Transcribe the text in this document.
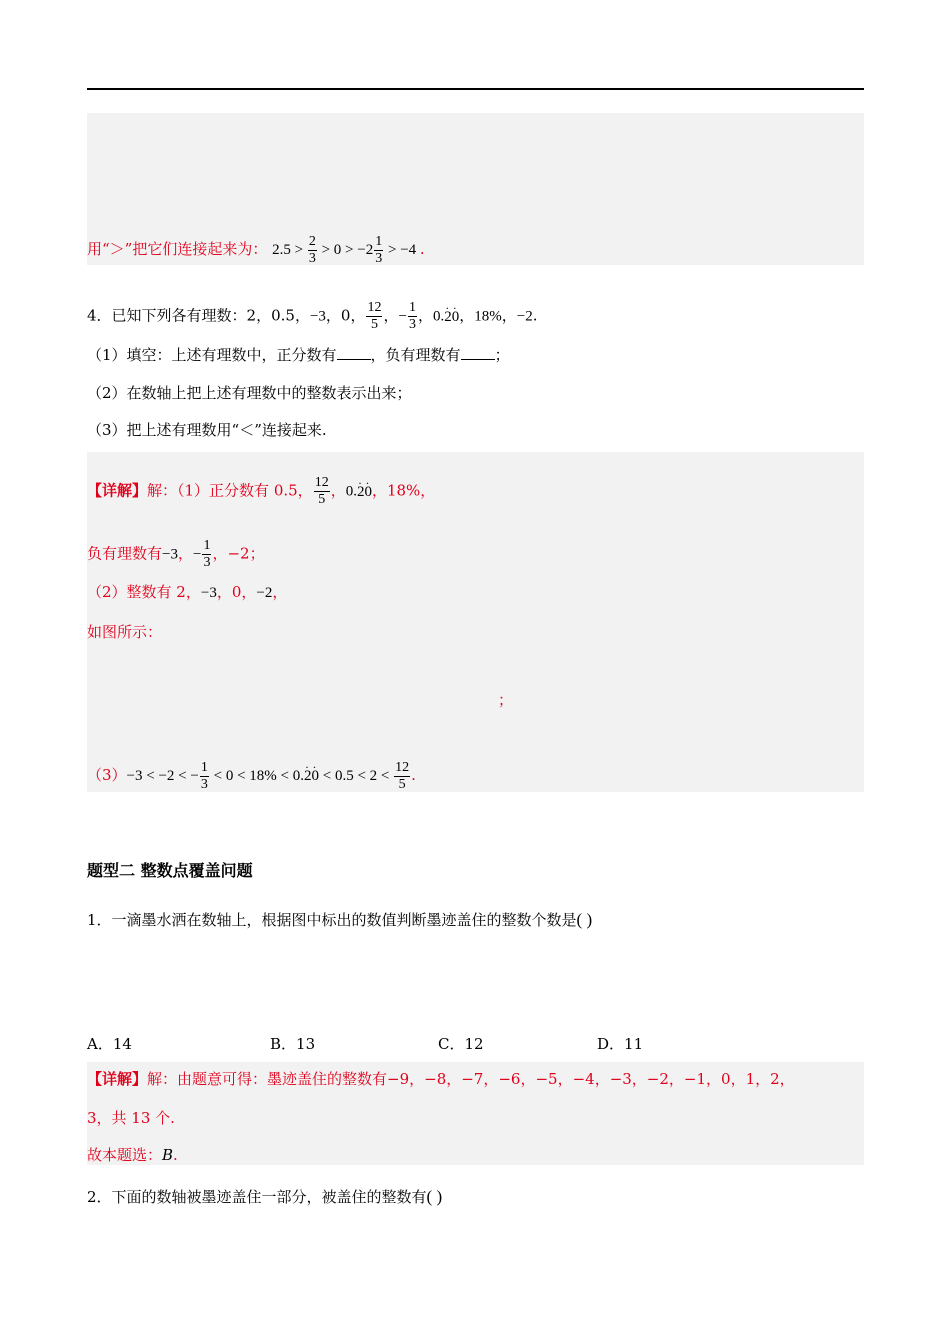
用“＞”把它们连接起来为： $2.5 > \frac{2}{3} > 0 > -2 \frac{1}{3} > -4$ .
4．已知下列各有理数：2，0.5，−3，0， $\frac{12}{5}$ ，− $\frac{1}{3}$ ，0.· 2· 0，18%，−2.
（1）填空：上述有理数中，正分数有 ，负有理数有 ；
（2）在数轴上把上述有理数中的整数表示出来；
（3）把上述有理数用“＜”连接起来.
【详解】解：（1）正分数有 0.5， $\frac{12}{5}$ ，0.· 2· 0，18%，
负有理数有−3，− $\frac{1}{3}$ ，−2；
（2）整数有 2，−3，0，−2，
如图所示：
；
（3）−3 < −2 < − $\frac{1}{3} < 0 < 18\% < 0.\cdot 2\cdot 0 < 0.5 < 2 < \frac{12}{5}$ .
题型二 整数点覆盖问题
1．一滴墨水洒在数轴上，根据图中标出的数值判断墨迹盖住的整数个数是( )
A．14	B．13	C．12	D．11
【详解】解：由题意可得：墨迹盖住的整数有−9，−8，−7，−6，−5，−4，−3，−2，−1，0，1，2，
3，共 13 个.
故本题选：B.
2．下面的数轴被墨迹盖住一部分，被盖住的整数有( )
